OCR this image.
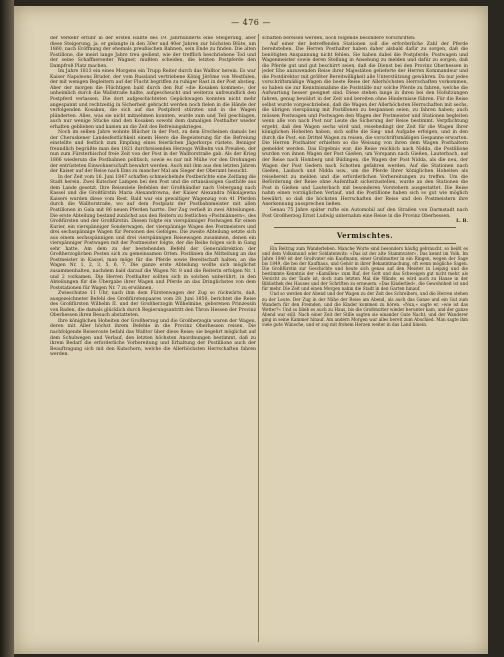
— 476 —

der Verkehr erfuhr in der ersten Hälfte des 19. Jahrhunderts eine Steigerung, aber diese Steigerung, ja, er gelangte in den 30er und 40er Jahren zur höchsten Blüte, um 1860, nach Eröffnung der ehemals preußischen Bahnen, sein Ende zu finden. Die alten Postillone, die meist lange Jahre treu gedient, wie der trefflich beschriebene Tod und der seine Schaffnerseiter Wagner, mußten scheiden, die letzten Postpferde den Dampfroß Platz machen.

Im Jahre 1813 ein eines Morgens ein Trupp Reiter durch das Walltor herein. Es war Kaiser Napoleons Bruder, der vom Russland vertriebene König Jérôme von Westfalen, der mit wenigen Begleitern auf der Flucht begriffen zu ruhiger Rast in der Post abstieg. Aber der morgen die Flüchtigen bald durch den Ruf »die Kosaken kommen«, der unheimlich durch die Wallstraße hallte, aufgescheucht und weiterzu unfreundlich den Postpferd verlassen. Die dort aufgeschichteten Gepäckwagen konnten nicht mehr angespannt und rechtzeitig in Sicherheit gebracht werden noch fielen in die Hände der verfolgenden Kosaken, die sich auf das Postpferd stürzten und in die Wagen plünderten. Alles, was sie nicht mitnehmen konnten, wurde zum und Teil geschlagen, auch nur wenige Stücke sind den Kosaken sowohl dem damaligen Posthalter wieder erhalten geblieben und kamen an die Zeit des Befreiungskrieges.

Noch im selben Jahre wohnte Blücher in der Post, zu dem Erscheinen damals bei der Cheruskener Landesfestlichkeit einem Heere die Begeisterung für die Befreiung einstellte und festlich zum Empfang eines feierlichen Jägerkorps rüstete. Beiniger freundlich begrüßte man den 1821 durchreisenden Herzogs Wilhelm von Preußen, der nun zum Fürsterbischof freie Zeit von der Post in der Walltorstraße gab. Als der Krieg 1866 wiederum die Postbahnen politisch, sowie es nur mit Mühe vor den Drohungen der entrüsteten Einwohnerschaft bewahrt werden. Auch mit ihm aus den letzten Jahren der Kaiser auf der Reise nach Ems zu mancher Mal am Sieger der Oberamt besucht.

In der Zeit vom 16. Juni 1847 schaffen schmeichelnde Postberichte eine Zeitlang die Stadt herein. Zwei Kutscher Lampen bei den Post und die ortansässigen Gasthöfe aus dem Lande gesetzt. Ihre Reiseziele Befehlen der Großhändler nach Uebergang nach Kassel und die Großfürstin Maria Alexandrowna, der Kaiser Alexandra Nikolajewna Kaisers wurden diese vom Rest. Bald war ein gewaltiger Wagenzug von 41 Pferden durch die Walltorstraße, wo auf dem Postplatz der Postbahnmeister mit allen Postillonen in Gala mit 86 neuen Pferden harrte. Der Zug verließ in zwei Abteilungen. Die erste Abteilung bestand zunächst aus den Reitern zu festlichen »Postmännern«, des Großfürsten und der Großfürstin. Diesen folgte ein vierspänniger Postwagen für einen Kurier, ein vierspänniger Sonderwagen, der vierspännige Wagen des Postmeisters und drei sechsspännige Wagen für Personen des Gefolges. Die zweite Abteilung setzte sich aus einem sechsspännigen und drei vierspännigen Reisewagen zusammen, denen ein vierspänniger Postwagen mit der Postmeister folgte, der die Reihe folgen sich in Gang sehr hatte. Am dem zu der bestehenden Befehl der Generaldirektion der Großherzoglichen Posten sich zu gemeinsamen Orten. Postlinien die Mitteilung an das Postmeister in Kassel, man möge für die Pferde sowie Bereitschaft halten, an die Wagen Nr. 1, 2, 3, 5, 6, 7. Die ganze erste Abteilung wollte sich möglichst zusammenhalten, nachdem bald darauf die Wagen Nr. 8 und die Reiterin erfolgen Nr. 1 und 2 vorkamen. Die Herren Posthalter sollten sich in solchen unberührt, in den Abteilungen für die Übergabe ihrer Wagen und Pferde an das Dringlichstes von dem Poststationen für Wagen Nr. 7 zu erwähnen.

Zwieschutze 11 Uhr, nach ihm dem Fürstenwagen der Zug so rückwärts, daß, ausgezeichneter Befehl des Großfürstenpaares vom 28. Juni 1850, berichtet die Reise des Großfürsten Wilhelm II. und der Großherzogin Wilhelmine, geborenen Prinzessin von Baden, die damals glücklich durch Regierungsantritt den Thron Hessen der Provinz Oberhessen ihren Besuch abstatteten.

Ihre königlichen Hoheiten der Großherzog und die Großherzogin waren der Wagen, deren mit Aller höchst ihrem Befehle in die Provinz Oberhessen reisen. Die nachfolgende Reiseroute befahl das Walltor über diese Reise; sie begehrt möglichst auf dem Schulwegen und Verlauf, den letzten höchsten Anordnungen bestimmt, daß zu ihrem Bedarf die erforderliche Vorbereitung und Erhaltung der Postillione auch der Beauftragung sich mit den Kutschern, welche die Allerhöchsten Herrschaften fahren werden.

schaften bereisen werden, noch folgende besondere Vorschriften:

Auf einer der betreffenden Stationen soll die erforderliche Zahl der Pferde bereitstehen. Die Herren Posthalter haben daher alsbald dafür zu sorgen, daß die benötigten Anspannung nicht fehlen. Sie haben dabei die Postpferde, Postwagen und Wagenmeister sowie deren Stellung in Ansehung zu melden und dafür zu sorgen, daß die Pferde gut und gut beschirrt seien, daß die Dienst bei den Provinz Oberhessen in jeder Ehe anzuwenden Reise ihrer Majestäten gelieferte der Herren Kommandeur und die Postdirektor mit größter Bereitwilligkeit alle Unterstützung gewähren. Da nur jedes vorschriftsmäßige Wagen die beste Reise der Allerhöchsten Herrschaften vorkommen, so haben sie zur Kenntnisnahme die Postställe nur solche Pferde zu fahren, welche die Aufwartung besser geeignet sind. Diese stehen lange in ihren bei den Hofsitzungen fahren, genug bewährt in der Zeit und bereiten ohne Hindernisse führen. Für die Reise selbst wurde vorgeschrieben, daß die Wagen der Allerhöchsten Herrschaften mit sechs, die übrigen vierspännig mit Postillonen zu bespannen seien, zu fahren haben; auch müssen Postwagen und Postwagen den Wagen der Postmeister und Stationen begleiten wenn alle von nach Post nur Leute die Sicherung der Reise bestimmt. Verpflichtung ergeht, daß den Wagen sechs wird und, reisebedingt der Zeit für die Wagen Ihrer königlichen Hoheiten haben, sich sollte die Sieg- und Aufgabe erfolgen, und in den durch die Post, ein Drittel Wagen zu reisen, die vorschriftsmäßigen Gespanne erwarten. Die Herren Posthalter erhielten so die Weisung von ihren dem Wagen Posthaltern gemeldet werden. Das Ergebnis war, die Reise reichlich nach Nidda, die Postillione wurden von ihnen Wagen der Post Gießen, um Vorspann nach Gießen, Lauterbach, auf der Reise nach Homberg und Büdingen, die Wagen der Post Nidda, als die neu, der Wagen der Post Gedern nach Schotten gefahren werden. Auf die Stationen nach Gießen, Laubach und Nidda usw., um die Pferde Ihrer königlichen Hoheiten als reisebereit zu melden und die erforderlichen Vorbereitungen zu treffen. Um die Beförderung der Reise ohne Aufenthalt sicherzustellen, wurde an den Stationen die Post in Gießen und Lauterbach mit besonderen Vorstehern ausgestattet. Die Reise nahm einen vorzüglichen Verlauf, und die Postillione haben sich so gut wie möglich bewährt, so daß die höchsten Herrschaften der Reise und den Postmeistern ihre Anerkennung aussprechen ließen.

Genau 75 Jahre später rufte ein Automobil auf den Straßen von Darmstadt nach Post Großherzog Ernst Ludwig unternahm eine Reise in die Provinz Oberhessen.

L. B.

Vermischtes.

Ein Beitrag zum Wanderleben. Manche Worte sind besonders häufig gebraucht, so heißt es und dem Volksmund oder Soldatenwitz: »Das ist der alte Stammvater«. Das kennt im Volk. Im Jahre 1840 ist der Großvater ein Kaufmann, einer Großmutter in ein Ringen, wegen der Sage bis 1849, die bei der Kaufhaus, und Gehör in ihrer Bekanntmachung, oft wenn mögliche Sagen. Die Großfürstin zur Geschichte und heute sich genau auf den Meister in Leipzig und die bestimmte Kenntnis der »Kamillen« zum Ruf, der Gott und das Schweigen gut nicht mehr, als Vorsicht zu der Taufe ist, doch zum letzten Mal die Wände, es wird auch zu Hause in der Bibliothek des Hauses und der Schriften zu erneuern. »Das Kinderlied«, die Gewohnheit ist und für mehr. Die Zeit und einen Morgen nahm die Stadt in den Garten hinauf.

Und so werden der Abend und der Wagen zu der Zeit des Schreibers, und die Herren stehen zu der Leute. Der Zug in der Nähe der Reise am Abend, als auch das Ganze und ein Gut zum Wandern für den Fremden, und die Kinder kommen zu hören. »Nun,« sagte er, »wie ist das Wetter?« Und so blieb es auch zu Haus, bis die Großmutter wieder herunter kam, und der ganze Abend war still. Nach einer Zeit der Stille sagten sie einander Gute Nacht, und der Wanderer ging in seine Kammer hinauf. Am andern Morgen war alles bereit zum Abschied. Man sagte ihm viele gute Wünsche, und er zog mit frohem Herzen weiter in das Land hinein.
